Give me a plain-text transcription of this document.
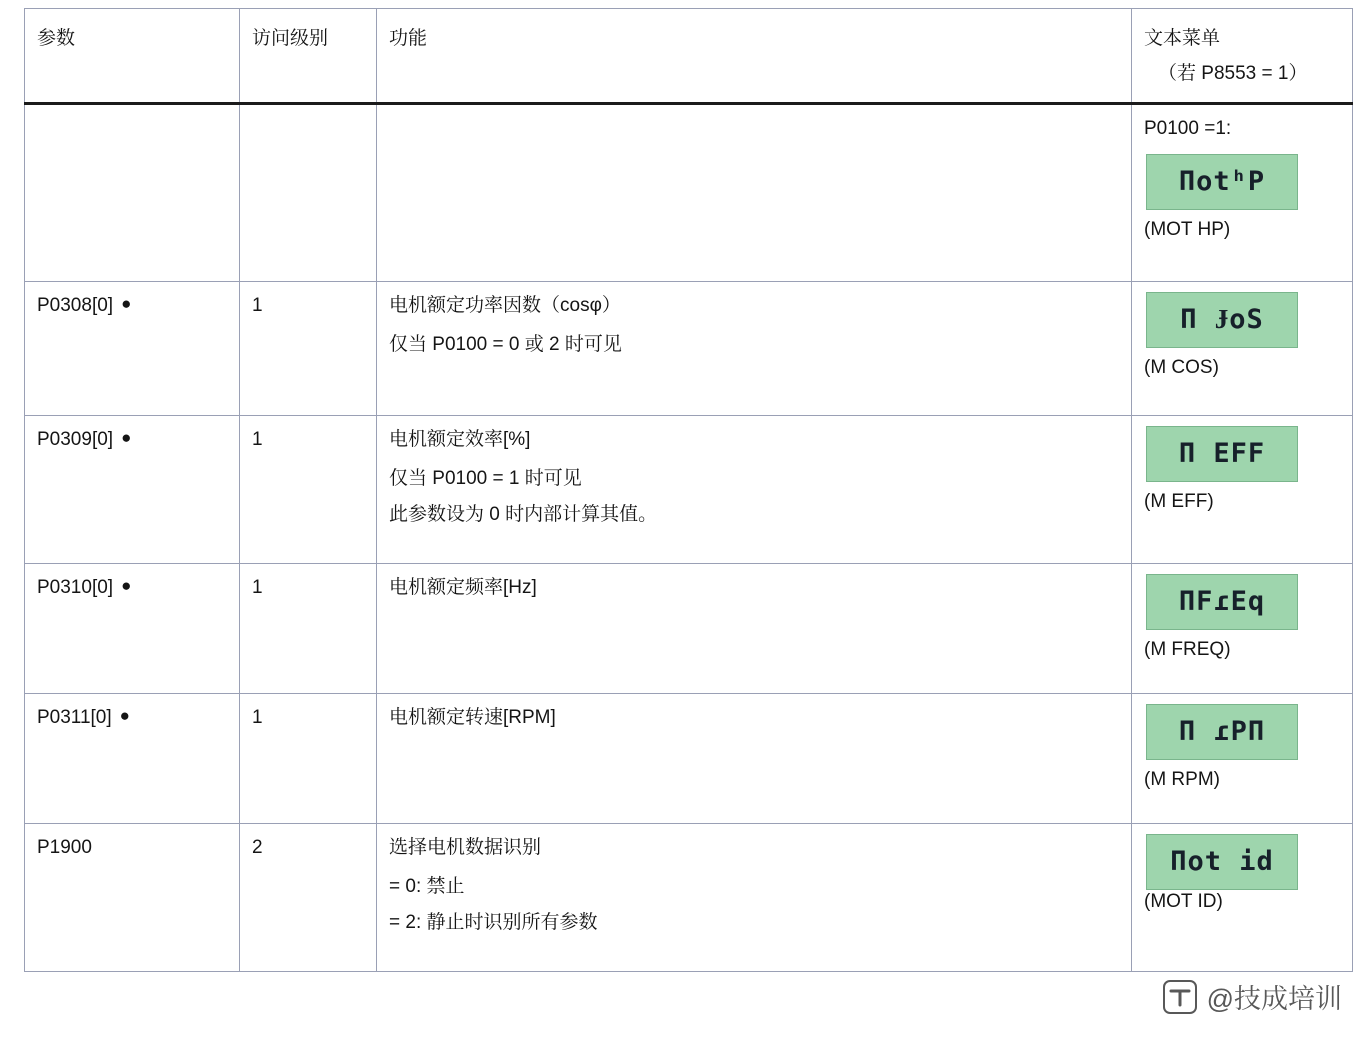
参数	访问级别	功能	文本菜单
（若 P8553 = 1）

			P0100 =1:
ΠotʰP
(MOT HP)

P0308[0] ●	1	电机额定功率因数（cosφ）
仅当 P0100 = 0 或 2 时可见	Π ɈoS
(M COS)

P0309[0] ●	1	电机额定效率[%]
仅当 P0100 = 1 时可见
此参数设为 0 时内部计算其值。	Π EFF
(M EFF)

P0310[0] ●	1	电机额定频率[Hz]	ΠFɾEq
(M FREQ)

P0311[0] ●	1	电机额定转速[RPM]	Π ɾPΠ
(M RPM)

P1900	2	选择电机数据识别
= 0: 禁止
= 2: 静止时识别所有参数	Πot id
(MOT ID)
@技成培训
